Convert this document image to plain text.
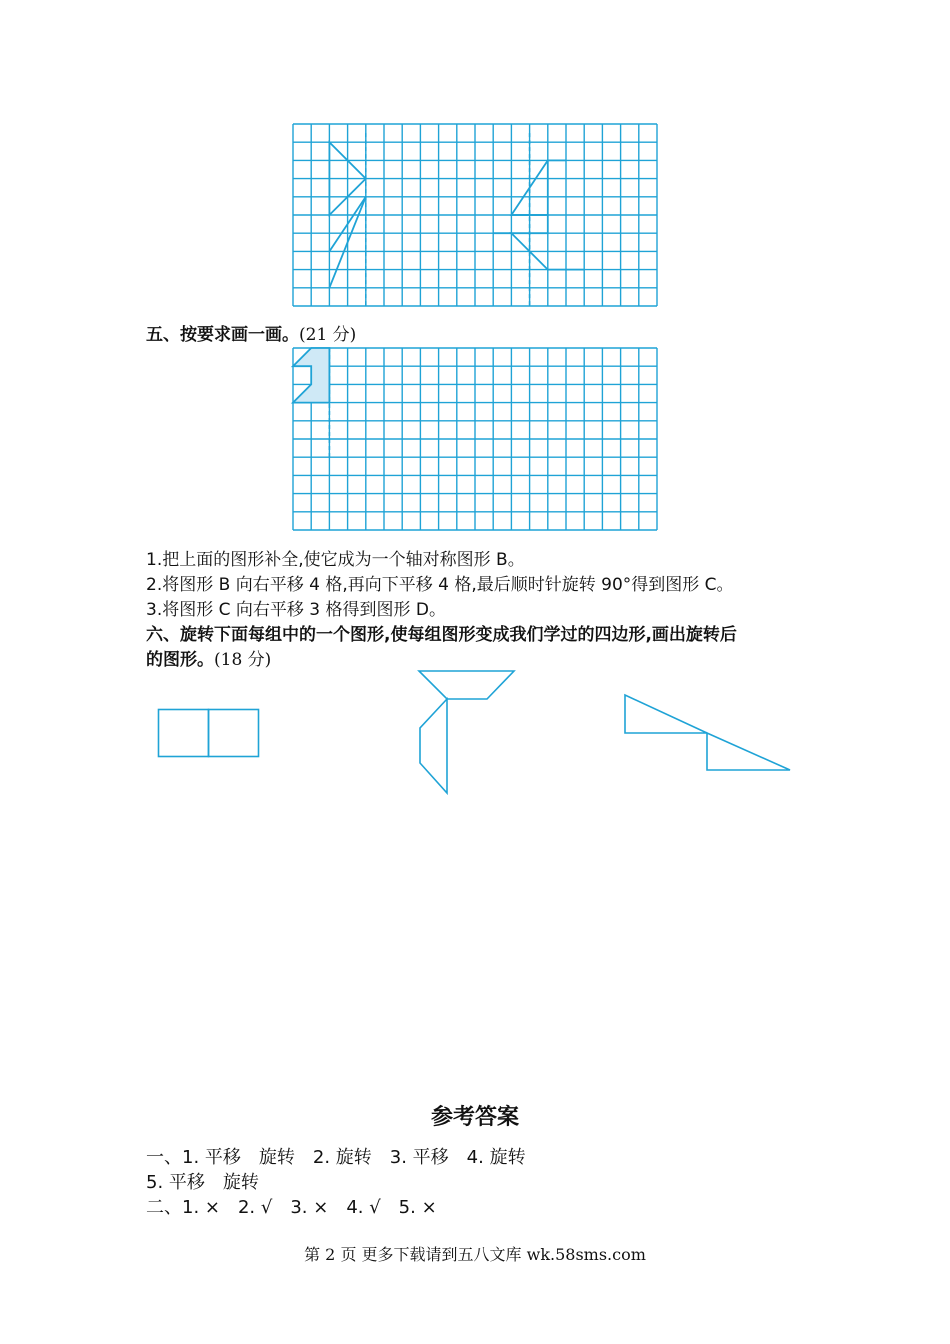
五、按要求画一画。(21 分)
1.把上面的图形补全,使它成为一个轴对称图形 B。
2.将图形 B 向右平移 4 格,再向下平移 4 格,最后顺时针旋转 90°得到图形 C。
3.将图形 C 向右平移 3 格得到图形 D。
六、旋转下面每组中的一个图形,使每组图形变成我们学过的四边形,画出旋转后
的图形。(18 分)
参考答案
一、1. 平移　旋转　2. 旋转　3. 平移　4. 旋转
5. 平移　旋转
二、1. ×　2. √　3. ×　4. √　5. ×
第 2 页 更多下载请到五八文库 wk.58sms.com
